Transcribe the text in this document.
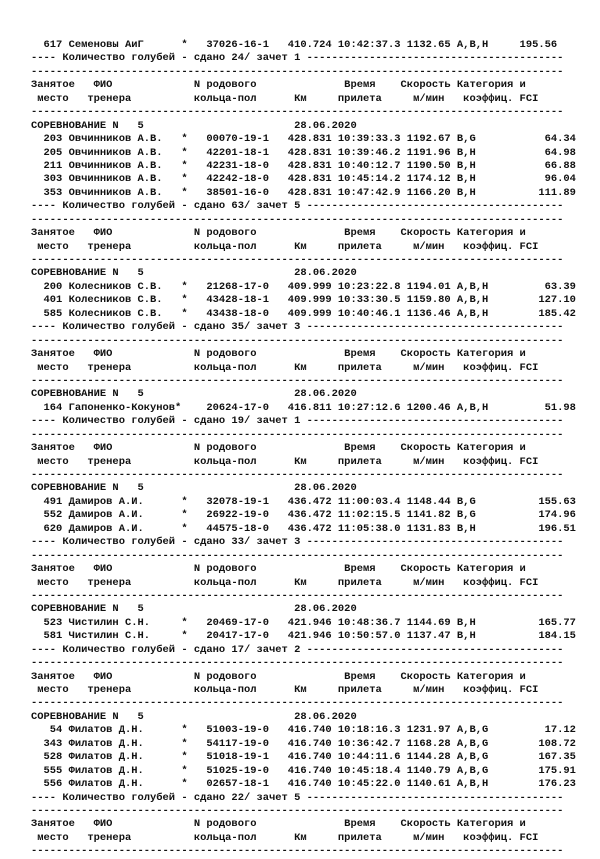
617 Семеновы АиГ      *   37026-16-1   410.724 10:42:37.3 1132.65 A,B,H     195.56
---- Количество голубей - сдано 24/ зачет 1 -----------------------------------------
-------------------------------------------------------------------------------------
Занятое   ФИО             N родового              Время    Скорость Категория и
место   тренера          кольца-пол      Км     прилета     м/мин   коэффиц. FCI
-------------------------------------------------------------------------------------
СОРЕВНОВАНИЕ N   5                        28.06.2020
203 Овчинников А.В.   *   00070-19-1   428.831 10:39:33.3 1192.67 B,G           64.34
205 Овчинников А.В.   *   42201-18-1   428.831 10:39:46.2 1191.96 B,H           64.98
211 Овчинников А.В.   *   42231-18-0   428.831 10:40:12.7 1190.50 B,H           66.88
303 Овчинников А.В.   *   42242-18-0   428.831 10:45:14.2 1174.12 B,H           96.04
353 Овчинников А.В.   *   38501-16-0   428.831 10:47:42.9 1166.20 B,H          111.89
---- Количество голубей - сдано 63/ зачет 5 -----------------------------------------
-------------------------------------------------------------------------------------
Занятое   ФИО             N родового              Время    Скорость Категория и
место   тренера          кольца-пол      Км     прилета     м/мин   коэффиц. FCI
-------------------------------------------------------------------------------------
СОРЕВНОВАНИЕ N   5                        28.06.2020
200 Колесников С.В.   *   21268-17-0   409.999 10:23:22.8 1194.01 A,B,H         63.39
401 Колесников С.В.   *   43428-18-1   409.999 10:33:30.5 1159.80 A,B,H        127.10
585 Колесников С.В.   *   43438-18-0   409.999 10:40:46.1 1136.46 A,B,H        185.42
---- Количество голубей - сдано 35/ зачет 3 -----------------------------------------
-------------------------------------------------------------------------------------
Занятое   ФИО             N родового              Время    Скорость Категория и
место   тренера          кольца-пол      Км     прилета     м/мин   коэффиц. FCI
-------------------------------------------------------------------------------------
СОРЕВНОВАНИЕ N   5                        28.06.2020
164 Гапоненко-Кокунов*    20624-17-0   416.811 10:27:12.6 1200.46 A,B,H         51.98
---- Количество голубей - сдано 19/ зачет 1 -----------------------------------------
-------------------------------------------------------------------------------------
Занятое   ФИО             N родового              Время    Скорость Категория и
место   тренера          кольца-пол      Км     прилета     м/мин   коэффиц. FCI
-------------------------------------------------------------------------------------
СОРЕВНОВАНИЕ N   5                        28.06.2020
491 Дамиров А.И.      *   32078-19-1   436.472 11:00:03.4 1148.44 B,G          155.63
552 Дамиров А.И.      *   26922-19-0   436.472 11:02:15.5 1141.82 B,G          174.96
620 Дамиров А.И.      *   44575-18-0   436.472 11:05:38.0 1131.83 B,H          196.51
---- Количество голубей - сдано 33/ зачет 3 -----------------------------------------
-------------------------------------------------------------------------------------
Занятое   ФИО             N родового              Время    Скорость Категория и
место   тренера          кольца-пол      Км     прилета     м/мин   коэффиц. FCI
-------------------------------------------------------------------------------------
СОРЕВНОВАНИЕ N   5                        28.06.2020
523 Чистилин С.Н.     *   20469-17-0   421.946 10:48:36.7 1144.69 B,H          165.77
581 Чистилин С.Н.     *   20417-17-0   421.946 10:50:57.0 1137.47 B,H          184.15
---- Количество голубей - сдано 17/ зачет 2 -----------------------------------------
-------------------------------------------------------------------------------------
Занятое   ФИО             N родового              Время    Скорость Категория и
место   тренера          кольца-пол      Км     прилета     м/мин   коэффиц. FCI
-------------------------------------------------------------------------------------
СОРЕВНОВАНИЕ N   5                        28.06.2020
54 Филатов Д.Н.      *   51003-19-0   416.740 10:18:16.3 1231.97 A,B,G         17.12
343 Филатов Д.Н.      *   54117-19-0   416.740 10:36:42.7 1168.28 A,B,G        108.72
528 Филатов Д.Н.      *   51018-19-1   416.740 10:44:11.6 1144.28 A,B,G        167.35
555 Филатов Д.Н.      *   51025-19-0   416.740 10:45:18.4 1140.79 A,B,G        175.91
556 Филатов Д.Н.      *   02657-18-1   416.740 10:45:22.0 1140.61 A,B,H        176.23
---- Количество голубей - сдано 22/ зачет 5 -----------------------------------------
-------------------------------------------------------------------------------------
Занятое   ФИО             N родового              Время    Скорость Категория и
место   тренера          кольца-пол      Км     прилета     м/мин   коэффиц. FCI
-------------------------------------------------------------------------------------
